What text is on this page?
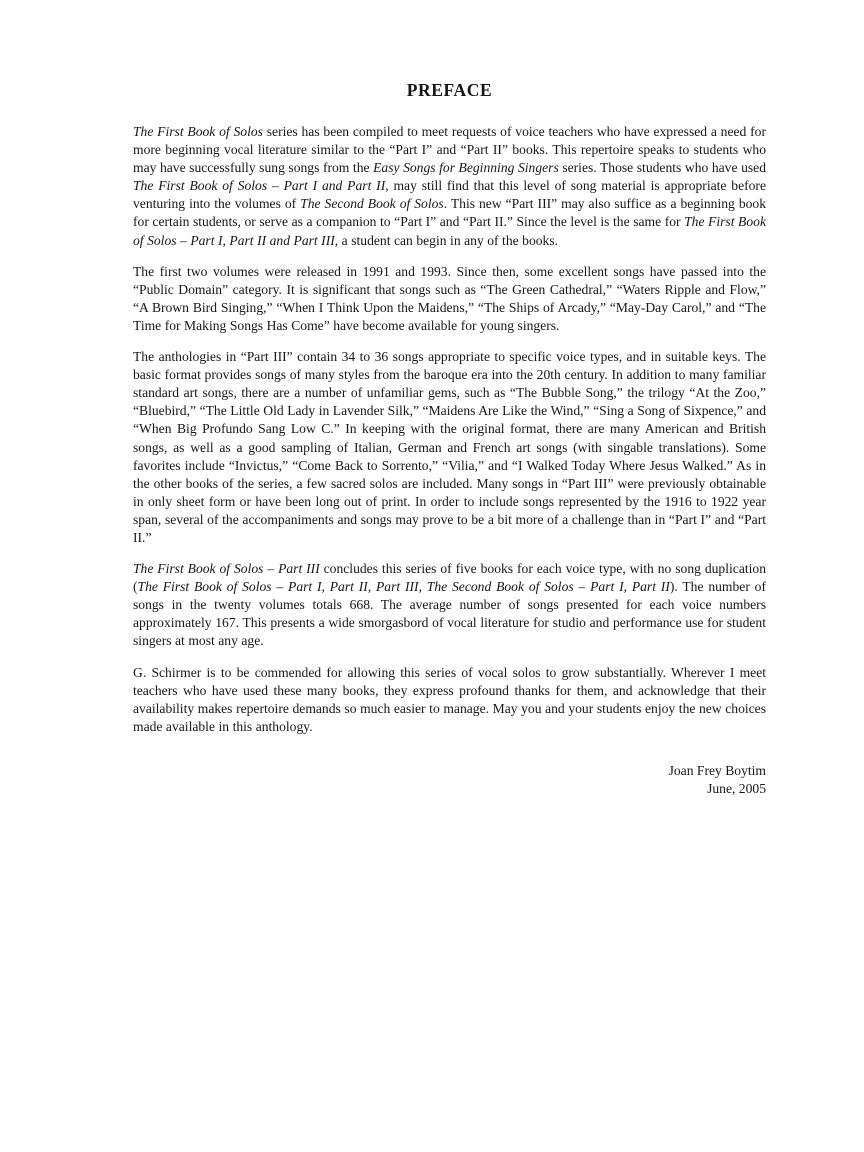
PREFACE

The First Book of Solos series has been compiled to meet requests of voice teachers who have expressed a need for more beginning vocal literature similar to the “Part I” and “Part II” books. This repertoire speaks to students who may have successfully sung songs from the Easy Songs for Beginning Singers series. Those students who have used The First Book of Solos – Part I and Part II, may still find that this level of song material is appropriate before venturing into the volumes of The Second Book of Solos. This new “Part III” may also suffice as a beginning book for certain students, or serve as a companion to “Part I” and “Part II.” Since the level is the same for The First Book of Solos – Part I, Part II and Part III, a student can begin in any of the books.

The first two volumes were released in 1991 and 1993. Since then, some excellent songs have passed into the “Public Domain” category. It is significant that songs such as “The Green Cathedral,” “Waters Ripple and Flow,” “A Brown Bird Singing,” “When I Think Upon the Maidens,” “The Ships of Arcady,” “May-Day Carol,” and “The Time for Making Songs Has Come” have become available for young singers.

The anthologies in “Part III” contain 34 to 36 songs appropriate to specific voice types, and in suitable keys. The basic format provides songs of many styles from the baroque era into the 20th century. In addition to many familiar standard art songs, there are a number of unfamiliar gems, such as “The Bubble Song,” the trilogy “At the Zoo,” “Bluebird,” “The Little Old Lady in Lavender Silk,” “Maidens Are Like the Wind,” “Sing a Song of Sixpence,” and “When Big Profundo Sang Low C.” In keeping with the original format, there are many American and British songs, as well as a good sampling of Italian, German and French art songs (with singable translations). Some favorites include “Invictus,” “Come Back to Sorrento,” “Vilia,” and “I Walked Today Where Jesus Walked.” As in the other books of the series, a few sacred solos are included. Many songs in “Part III” were previously obtainable in only sheet form or have been long out of print. In order to include songs represented by the 1916 to 1922 year span, several of the accompaniments and songs may prove to be a bit more of a challenge than in “Part I” and “Part II.”

The First Book of Solos – Part III concludes this series of five books for each voice type, with no song duplication (The First Book of Solos – Part I, Part II, Part III, The Second Book of Solos – Part I, Part II). The number of songs in the twenty volumes totals 668. The average number of songs presented for each voice numbers approximately 167. This presents a wide smorgasbord of vocal literature for studio and performance use for student singers at most any age.

G. Schirmer is to be commended for allowing this series of vocal solos to grow substantially. Wherever I meet teachers who have used these many books, they express profound thanks for them, and acknowledge that their availability makes repertoire demands so much easier to manage. May you and your students enjoy the new choices made available in this anthology.

Joan Frey Boytim
June, 2005
